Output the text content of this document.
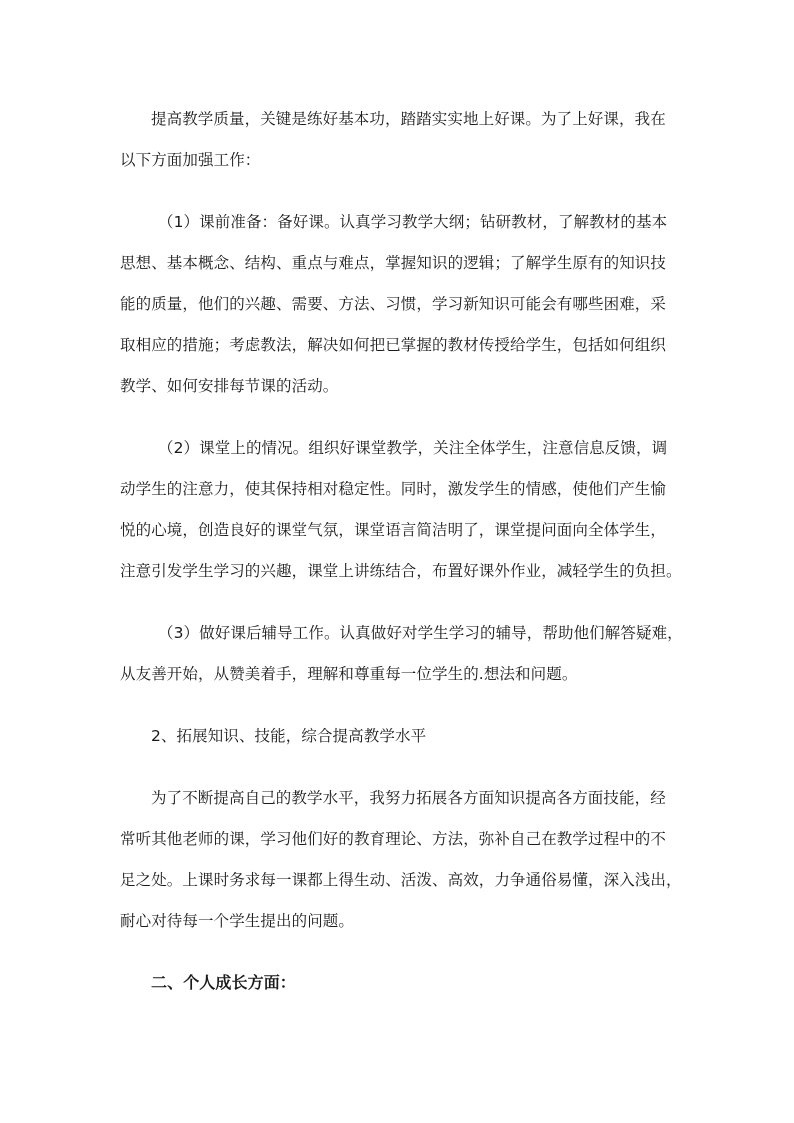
提高教学质量，关键是练好基本功，踏踏实实地上好课。为了上好课，我在

以下方面加强工作：

（1）课前准备：备好课。认真学习教学大纲；钻研教材，了解教材的基本

思想、基本概念、结构、重点与难点，掌握知识的逻辑；了解学生原有的知识技

能的质量，他们的兴趣、需要、方法、习惯，学习新知识可能会有哪些困难，采

取相应的措施；考虑教法，解决如何把已掌握的教材传授给学生，包括如何组织

教学、如何安排每节课的活动。

（2）课堂上的情况。组织好课堂教学，关注全体学生，注意信息反馈，调

动学生的注意力，使其保持相对稳定性。同时，激发学生的情感，使他们产生愉

悦的心境，创造良好的课堂气氛，课堂语言简洁明了，课堂提问面向全体学生，

注意引发学生学习的兴趣，课堂上讲练结合，布置好课外作业，减轻学生的负担。

（3）做好课后辅导工作。认真做好对学生学习的辅导，帮助他们解答疑难，

从友善开始，从赞美着手，理解和尊重每一位学生的.想法和问题。

2、拓展知识、技能，综合提高教学水平

为了不断提高自己的教学水平，我努力拓展各方面知识提高各方面技能，经

常听其他老师的课，学习他们好的教育理论、方法，弥补自己在教学过程中的不

足之处。上课时务求每一课都上得生动、活泼、高效，力争通俗易懂，深入浅出，

耐心对待每一个学生提出的问题。

二、个人成长方面：
